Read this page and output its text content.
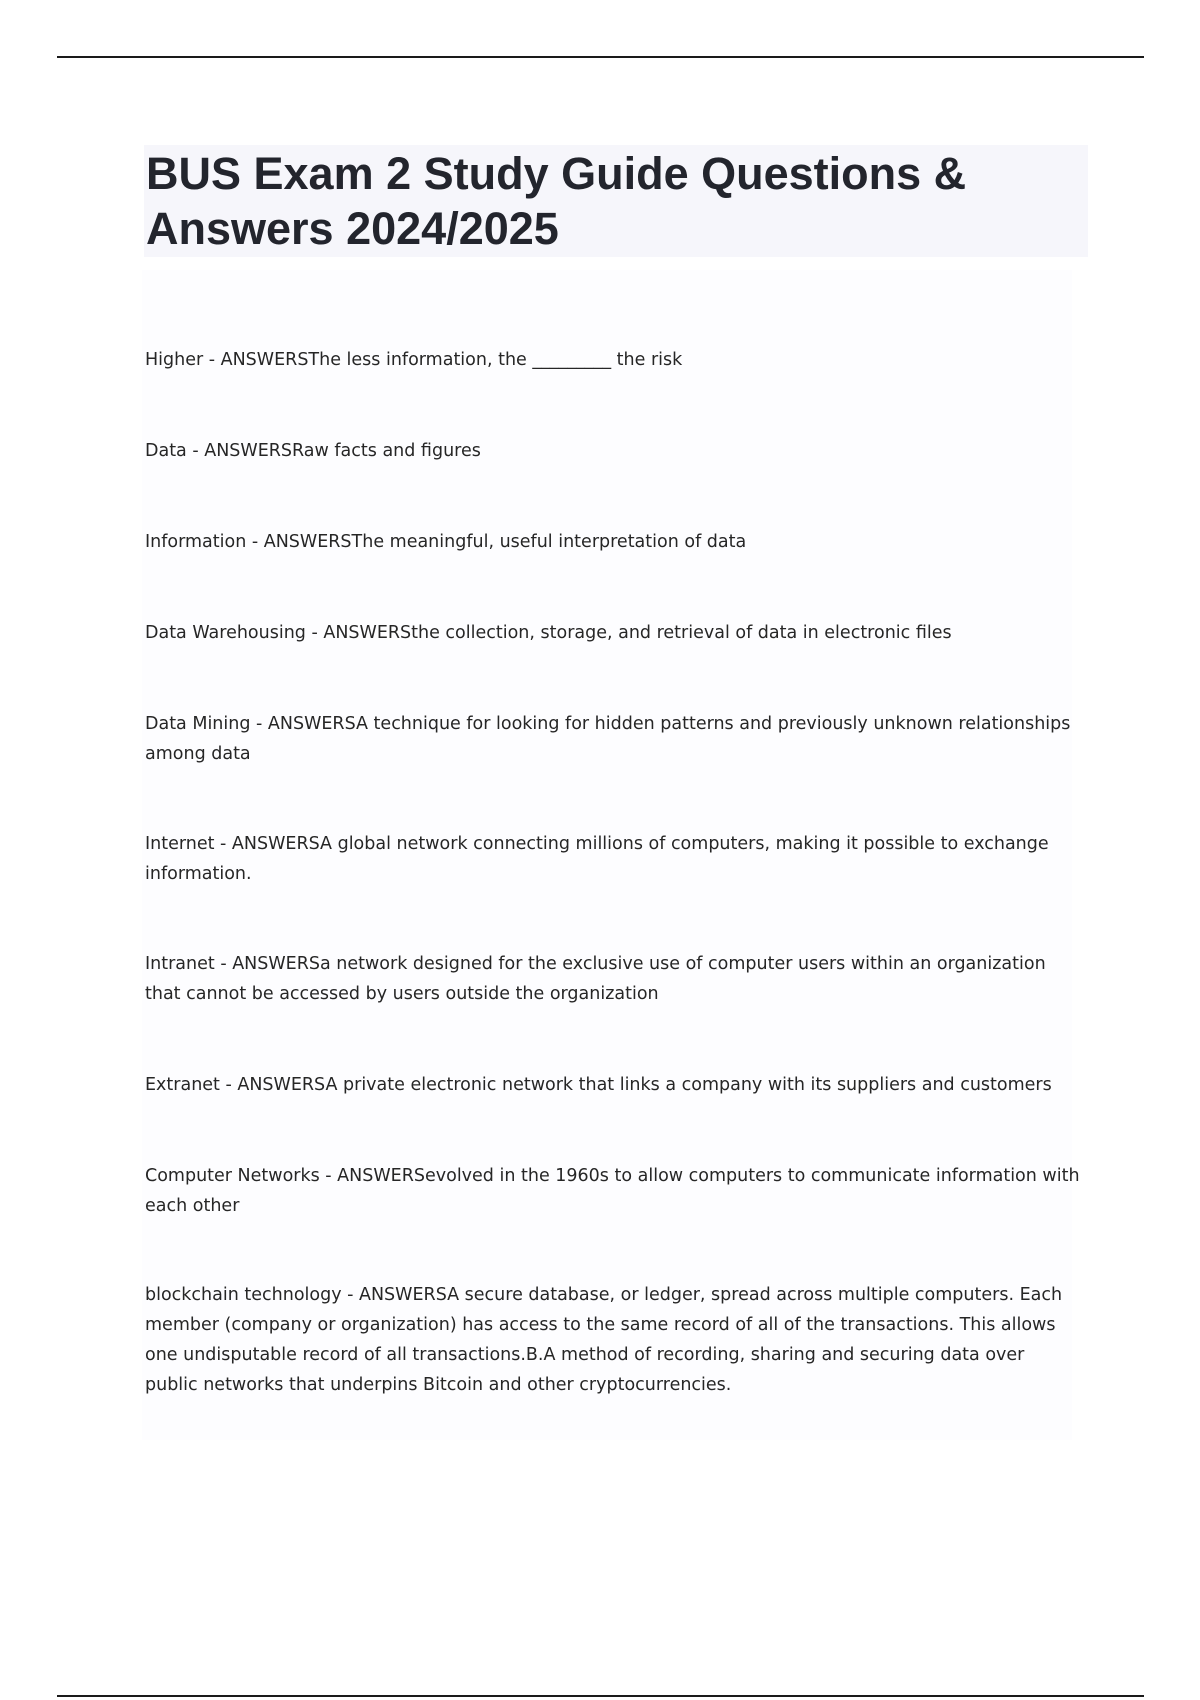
BUS Exam 2 Study Guide Questions & Answers 2024/2025

Higher - ANSWERSThe less information, the _________ the risk

Data - ANSWERSRaw facts and figures

Information - ANSWERSThe meaningful, useful interpretation of data

Data Warehousing - ANSWERSthe collection, storage, and retrieval of data in electronic files

Data Mining - ANSWERSA technique for looking for hidden patterns and previously unknown relationships among data

Internet - ANSWERSA global network connecting millions of computers, making it possible to exchange information.

Intranet - ANSWERSa network designed for the exclusive use of computer users within an organization that cannot be accessed by users outside the organization

Extranet - ANSWERSA private electronic network that links a company with its suppliers and customers

Computer Networks - ANSWERSevolved in the 1960s to allow computers to communicate information with each other

blockchain technology - ANSWERSA secure database, or ledger, spread across multiple computers. Each member (company or organization) has access to the same record of all of the transactions. This allows one undisputable record of all transactions.B.A method of recording, sharing and securing data over public networks that underpins Bitcoin and other cryptocurrencies.
